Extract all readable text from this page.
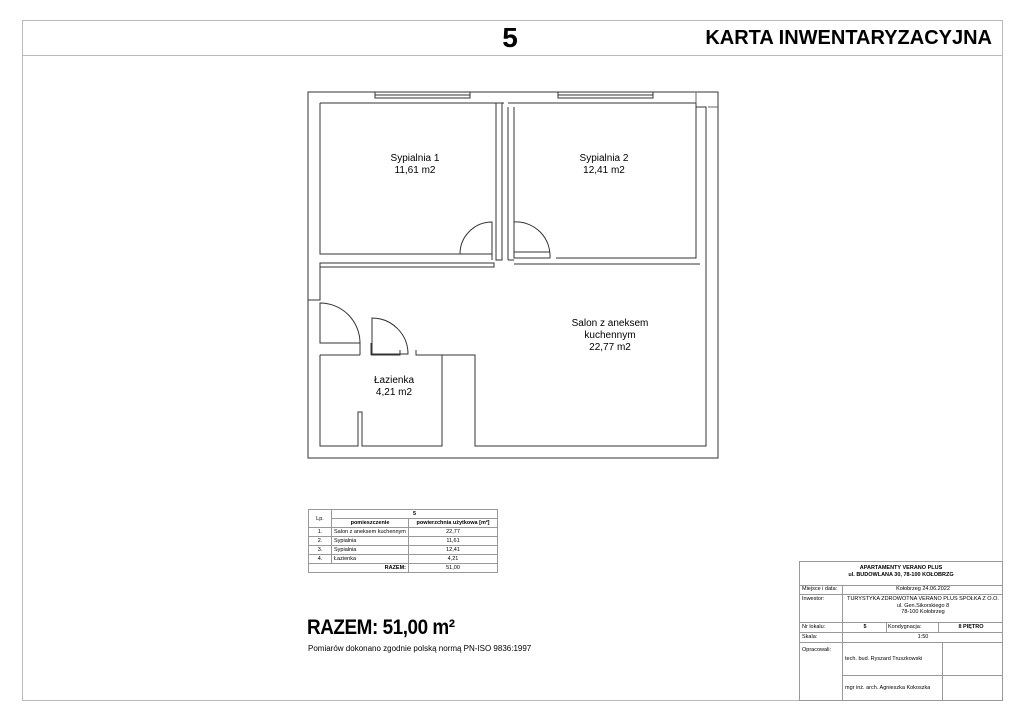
5	KARTA INWENTARYZACYJNA
Sypialnia 1
11,61 m2
Sypialnia 2
12,41 m2
Salon z aneksem
kuchennym
22,77 m2
Łazienka
4,21 m2
Lp.	5	
	pomieszczenie	powierzchnia użytkowa [m²]
1.	Salon z aneksem kuchennym	22,77
2.	Sypialnia	11,61
3.	Sypialnia	12,41
4.	Łazienka	4,21
RAZEM:		51,00
RAZEM: 51,00 m²
Pomiarów dokonano zgodnie polską normą PN-ISO 9836:1997
APARTAMENTY VERANO PLUS
ul. BUDOWLANA 30, 78-100 KOŁOBRZG
Miejsce i data:	Kołobrzeg 24.06.2022
Inwestor:	TURYSTYKA ZDROWOTNA VERANO PLUS SPÓŁKA Z O.O.
ul. Gen.Sikorskiego 8
78-100 Kołobrzeg
Nr lokalu:	5	Kondygnacja:	II PIĘTRO
Skala:	1:50
Opracowali:
tech. bud. Ryszard Truszkowski
mgr inż. arch. Agnieszka Kokoszka
